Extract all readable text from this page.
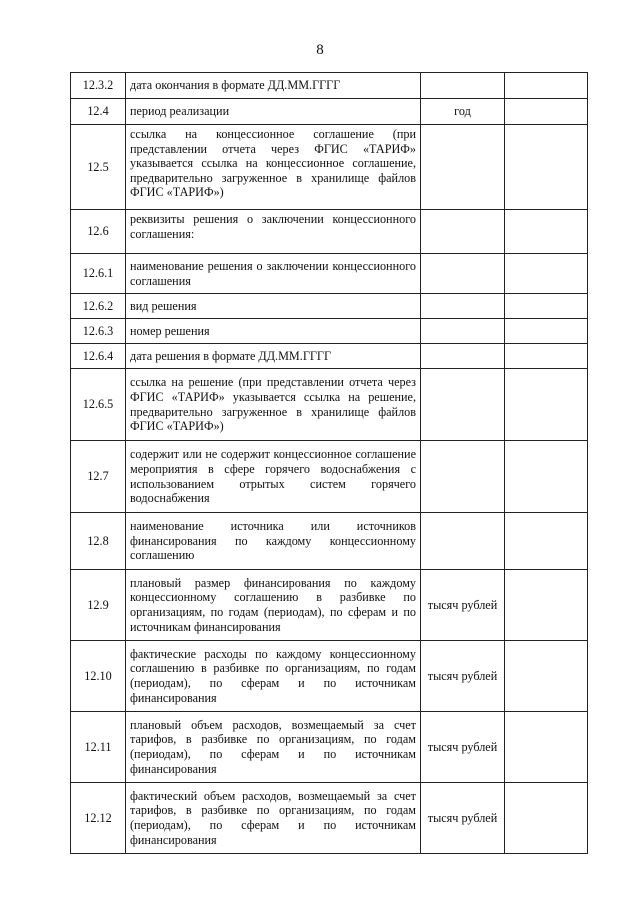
8
12.3.2	дата окончания в формате ДД.ММ.ГГГГ		
12.4	период реализации	год	
12.5	ссылка на концессионное соглашение (при представлении отчета через ФГИС «ТАРИФ» указывается ссылка на концессионное соглашение, предварительно загруженное в хранилище файлов ФГИС «ТАРИФ»)		
12.6	реквизиты решения о заключении концессионного соглашения:		
12.6.1	наименование решения о заключении концессионного соглашения		
12.6.2	вид решения		
12.6.3	номер решения		
12.6.4	дата решения в формате ДД.ММ.ГГГГ		
12.6.5	ссылка на решение (при представлении отчета через ФГИС «ТАРИФ» указывается ссылка на решение, предварительно загруженное в хранилище файлов ФГИС «ТАРИФ»)		
12.7	содержит или не содержит концессионное соглашение мероприятия в сфере горячего водоснабжения с использованием отрытых систем горячего водоснабжения		
12.8	наименование источника или источников финансирования по каждому концессионному соглашению		
12.9	плановый размер финансирования по каждому концессионному соглашению в разбивке по организациям, по годам (периодам), по сферам и по источникам финансирования	тысяч рублей	
12.10	фактические расходы по каждому концессионному соглашению в разбивке по организациям, по годам (периодам), по сферам и по источникам финансирования	тысяч рублей	
12.11	плановый объем расходов, возмещаемый за счет тарифов, в разбивке по организациям, по годам (периодам), по сферам и по источникам финансирования	тысяч рублей	
12.12	фактический объем расходов, возмещаемый за счет тарифов, в разбивке по организациям, по годам (периодам), по сферам и по источникам финансирования	тысяч рублей	
